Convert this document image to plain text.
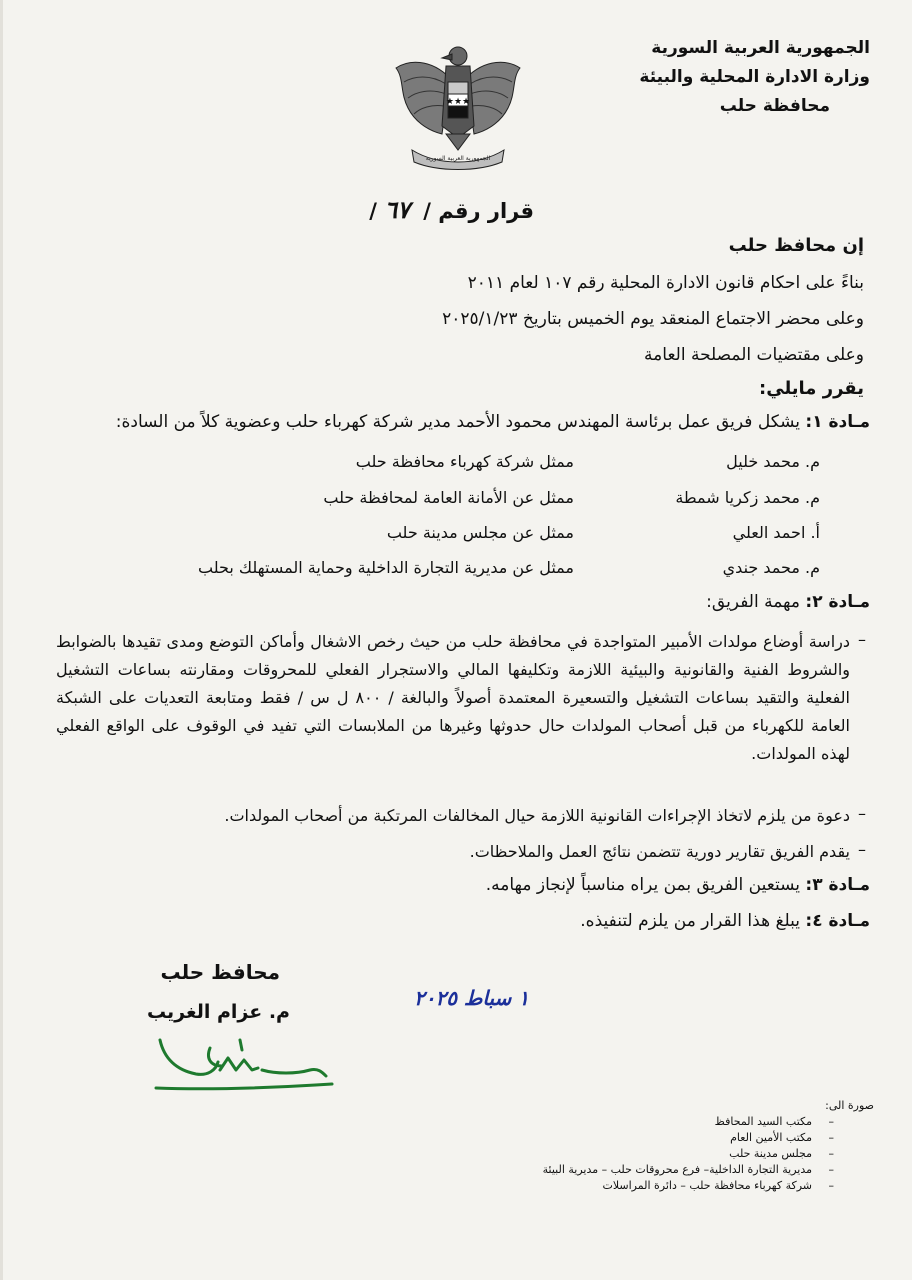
الجمهورية العربية السورية
وزارة الادارة المحلية والبيئة
محافظة حلب
★★★
الجمهورية العربية السورية
قرار رقم / ٦٧ /
إن محافظ حلب
بناءً على احكام قانون الادارة المحلية رقم ١٠٧ لعام ٢٠١١
وعلى محضر الاجتماع المنعقد يوم الخميس بتاريخ ٢٠٢٥/١/٢٣
وعلى مقتضيات المصلحة العامة
يقرر مايلي:
مـادة ١: يشكل فريق عمل برئاسة المهندس محمود الأحمد مدير شركة كهرباء حلب وعضوية كلاً من السادة:
م. محمد خليل
ممثل شركة كهرباء محافظة حلب
م. محمد زكريا شمطة
ممثل عن الأمانة العامة لمحافظة حلب
أ. احمد العلي
ممثل عن مجلس مدينة حلب
م. محمد جندي
ممثل عن مديرية التجارة الداخلية وحماية المستهلك بحلب
مـادة ٢: مهمة الفريق:
–
دراسة أوضاع مولدات الأمبير المتواجدة في محافظة حلب من حيث رخص الاشغال وأماكن التوضع ومدى تقيدها بالضوابط والشروط الفنية والقانونية والبيئية اللازمة وتكليفها المالي والاستجرار الفعلي للمحروقات ومقارنته بساعات التشغيل الفعلية والتقيد بساعات التشغيل والتسعيرة المعتمدة أصولاً والبالغة / ٨٠٠ ل س / فقط ومتابعة التعديات على الشبكة العامة للكهرباء من قبل أصحاب المولدات حال حدوثها وغيرها من الملابسات التي تفيد في الوقوف على الواقع الفعلي لهذه المولدات.
–
دعوة من يلزم لاتخاذ الإجراءات القانونية اللازمة حيال المخالفات المرتكبة من أصحاب المولدات.
–
يقدم الفريق تقارير دورية تتضمن نتائج العمل والملاحظات.
مـادة ٣: يستعين الفريق بمن يراه مناسباً لإنجاز مهامه.
مـادة ٤: يبلغ هذا القرار من يلزم لتنفيذه.
محافظ حلب
م. عزام الغريب
١ سباط ٢٠٢٥
صورة الى:
– مكتب السيد المحافظ
– مكتب الأمين العام
– مجلس مدينة حلب
– مديرية التجارة الداخلية– فرع محروقات حلب – مديرية البيئة
– شركة كهرباء محافظة حلب – دائرة المراسلات
